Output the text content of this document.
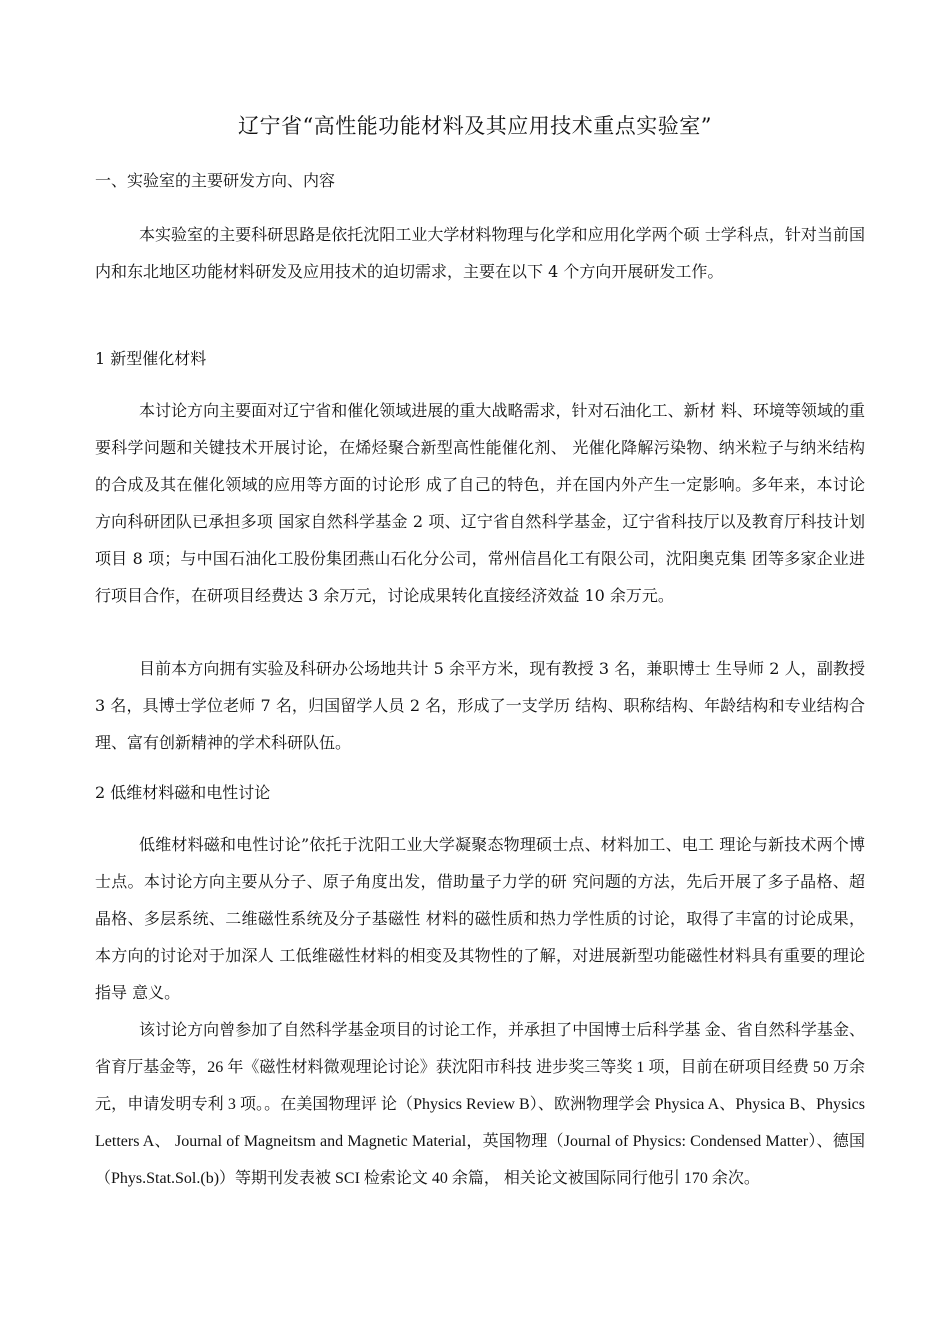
辽宁省“高性能功能材料及其应用技术重点实验室”
一、实验室的主要研发方向、内容
本实验室的主要科研思路是依托沈阳工业大学材料物理与化学和应用化学两个硕 士学科点，针对当前国内和东北地区功能材料研发及应用技术的迫切需求，主要在以下 4 个方向开展研发工作。
1 新型催化材料
本讨论方向主要面对辽宁省和催化领域进展的重大战略需求，针对石油化工、新材 料、环境等领域的重要科学问题和关键技术开展讨论，在烯烃聚合新型高性能催化剂、 光催化降解污染物、纳米粒子与纳米结构的合成及其在催化领域的应用等方面的讨论形 成了自己的特色，并在国内外产生一定影响。多年来，本讨论方向科研团队已承担多项 国家自然科学基金 2 项、辽宁省自然科学基金，辽宁省科技厅以及教育厅科技计划项目 8 项；与中国石油化工股份集团燕山石化分公司，常州信昌化工有限公司，沈阳奥克集 团等多家企业进行项目合作，在研项目经费达 3 余万元，讨论成果转化直接经济效益 10 余万元。
目前本方向拥有实验及科研办公场地共计 5 余平方米，现有教授 3 名，兼职博士 生导师 2 人，副教授 3 名，具博士学位老师 7 名，归国留学人员 2 名，形成了一支学历 结构、职称结构、年龄结构和专业结构合理、富有创新精神的学术科研队伍。
2 低维材料磁和电性讨论
低维材料磁和电性讨论”依托于沈阳工业大学凝聚态物理硕士点、材料加工、电工 理论与新技术两个博士点。本讨论方向主要从分子、原子角度出发，借助量子力学的研 究问题的方法，先后开展了多子晶格、超晶格、多层系统、二维磁性系统及分子基磁性 材料的磁性质和热力学性质的讨论，取得了丰富的讨论成果，本方向的讨论对于加深人 工低维磁性材料的相变及其物性的了解，对进展新型功能磁性材料具有重要的理论指导 意义。
该讨论方向曾参加了自然科学基金项目的讨论工作，并承担了中国博士后科学基 金、省自然科学基金、省育厅基金等，26 年《磁性材料微观理论讨论》获沈阳市科技 进步奖三等奖 1 项，目前在研项目经费 50 万余元，申请发明专利 3 项。。在美国物理评 论（Physics Review B）、欧洲物理学会 Physica A、Physica B、Physics Letters A、 Journal of Magneitsm and Magnetic Material，英国物理（Journal of Physics: Condensed Matter）、德国（Phys.Stat.Sol.(b)）等期刊发表被 SCI 检索论文 40 余篇， 相关论文被国际同行他引 170 余次。
